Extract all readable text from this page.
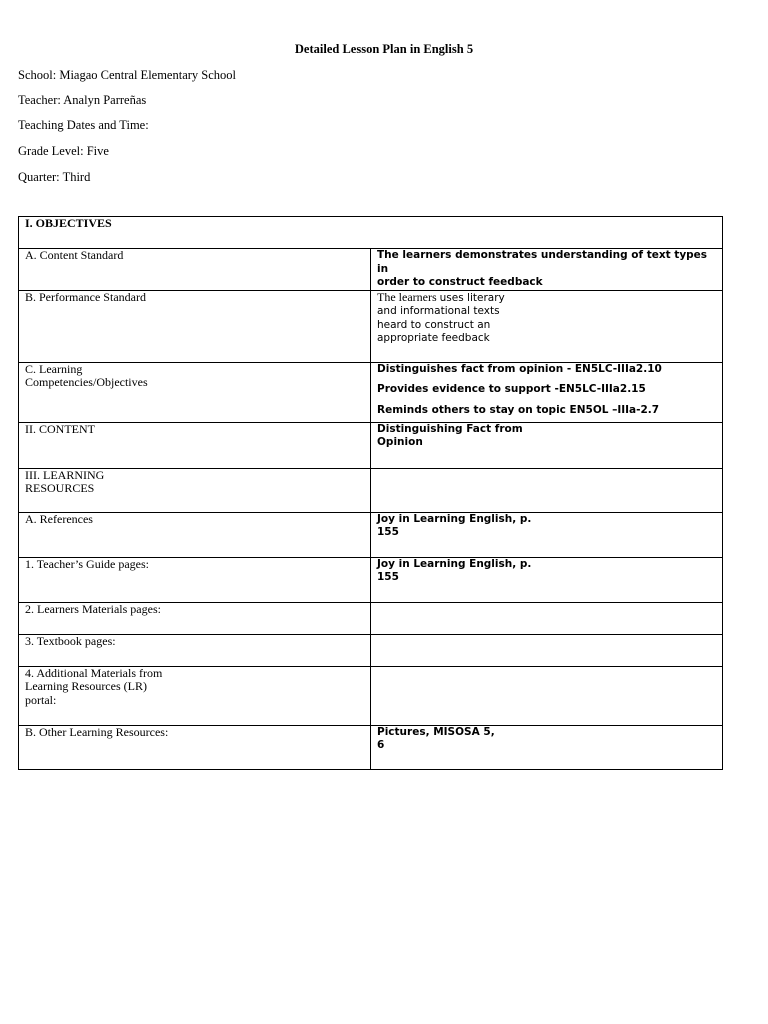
Detailed Lesson Plan in English 5
School: Miagao Central Elementary School
Teacher: Analyn Parreñas
Teaching Dates and Time:
Grade Level: Five
Quarter: Third
I. OBJECTIVES	
A. Content Standard	The learners demonstrates understanding of text types in
order to construct feedback
B. Performance Standard	The learners uses literary
and informational texts
heard to construct an
appropriate feedback

C. Learning
Competencies/Objectives	Distinguishes fact from opinion - EN5LC-IIIa2.10
Provides evidence to support -EN5LC-IIIa2.15
Reminds others to stay on topic EN5OL –IIIa-2.7

II. CONTENT	Distinguishing Fact from
Opinion
III. LEARNING
RESOURCES	
A. References	Joy in Learning English, p.
155
1. Teacher’s Guide pages:	Joy in Learning English, p.
155
2. Learners Materials pages:	
3. Textbook pages:	
4. Additional Materials from
Learning Resources (LR)
portal:	
B. Other Learning Resources:	Pictures, MISOSA 5,
6
